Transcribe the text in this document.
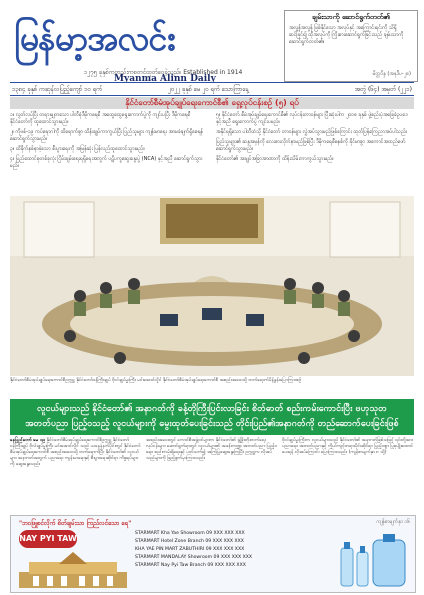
မြန်မာ့အလင်း
၁၂၇၅ ခုနှစ်ကတည်းကစတင်ထုတ်ဝေခဲ့သည်။ Established in 1914
Myanma Alinn Daily
ချမ်းသာကို ဆောင်ရွက်တတ်၏
အလွန်အလွန် ဖြစ်နိုင်သော အလုပ်နှင့် အကြောင်းရင်းကို သိရှိဆင်ခြင်၍ ထိုအလုပ်ကို ကြိုးစားဆောင်ရွက်ခြင်းသည် ချမ်းသာကို ဆောင်ရွက်တတ်၏။
မိတ္တဝိန္ဒ (အနုဒီပ-၂၈)
၁၃၈၄ ခုနှစ် ကဆုန်လပြည့်ကျော် ၁၀ ရက်	၂၀၂၂ ခုနှစ် မေ ၂၀ ရက် သောကြာနေ့	အတွဲ (၆၄) အမှတ် (၂၂၁)
နိုင်ငံတော်စီမံအုပ်ချုပ်ရေးကောင်စီ၏ ရှေ့လုပ်ငန်းစဉ် (၅) ရပ်
၁။ လွတ်လပ်ပြီး တရားမျှတသော ပါတီစုံဒီမိုကရေစီ အထွေထွေရွေးကောက်ပွဲကို ကျင်းပပြီး ဒီမိုကရေစီနိုင်ငံတော်ကို ထူထောင်သွားမည်။
၂။ ကိုဗစ်-၁၉ ကပ်ရောဂါကို ထိရောက်စွာ ထိန်းချုပ်ကာကွယ်ပြီး ပြည်သူများ ကျန်းမာရေး အာမခံချက်ရှိစေရန် ဆောင်ရွက်သွားမည်။
၃။ ထိခိုက်နစ်နာခဲ့သော စီးပွားရေးကို အမြန်ဆုံး ပြန်လည်ထူထောင်သွားမည်။
၄။ ပြည်ထောင်စုတစ်ခုလုံး ငြိမ်းချမ်းရေးရရှိရေးအတွက် ပဋိပက္ခဆွေးနွေးပွဲ (NCA) နှင့်အညီ ဆောင်ရွက်သွားမည်။
၅။ နိုင်ငံတော် စီမံအုပ်ချုပ်ရေးကောင်စီ၏ လုပ်ငန်းတာဝန်များ ပြီးဆုံးပါက ၂၀၀၈ ခုနှစ် ဖွဲ့စည်းပုံအခြေခံဥပဒေနှင့်အညီ ရွေးကောက်ပွဲ ကျင်းပမည်။
အနိုင်ရရှိသော ပါတီထံသို့ နိုင်ငံတော် တာဝန်များ လွှဲအပ်သွားမည်ဖြစ်ကြောင်း ထုတ်ပြန်ကြေညာအပ်ပါသည်။
ပြည်သူများ၏ ဆန္ဒအမှန်ကို လေးစားလိုက်နာမည်ဖြစ်ပြီး ဒီမိုကရေစီစနစ်ကို ခိုင်မာစွာ အကောင်အထည်ဖော်ဆောင်ရွက်သွားမည်။
နိုင်ငံတော်၏ အချုပ်အခြာအာဏာကို ထိန်းသိမ်းကာကွယ်သွားမည်။
နိုင်ငံတော်စီမံအုပ်ချုပ်ရေးကောင်စီဥက္ကဋ္ဌ နိုင်ငံတော်ဝန်ကြီးချုပ် ဗိုလ်ချုပ်မှူးကြီး မင်းအောင်လှိုင် နိုင်ငံတော်စီမံအုပ်ချုပ်ရေးကောင်စီ အစည်းအဝေးသို့ တက်ရောက်မိန့်ခွန်းပြောကြားစဉ်
လူငယ်များသည် နိုင်ငံတော်၏ အနာဂတ်ကို ခန့်တိုကြီးပြင်းလာခြင်း စိတ်ဓာတ် စည်းကမ်းကောင်းပြီး ဗဟုသုတ
အတတ်ပညာ ပြည့်ဝသည့် လူငယ်များကို မွေးထုတ်ပေးခြင်းသည် တိုင်းပြည်၏အနာဂတ်ကို တည်ဆောက်ပေးခြင်းဖြစ်
နေပြည်တော် မေ ၁၉ နိုင်ငံတော်စီမံအုပ်ချုပ်ရေးကောင်စီဥက္ကဋ္ဌ နိုင်ငံတော်ဝန်ကြီးချုပ် ဗိုလ်ချုပ်မှူးကြီး မင်းအောင်လှိုင် သည် ယနေ့နံနက်ပိုင်းတွင် နိုင်ငံတော်စီမံအုပ်ချုပ်ရေးကောင်စီ အစည်းအဝေးသို့ တက်ရောက်ပြီး နိုင်ငံတော်၏ လူငယ်များ အနာဂတ်အတွက် ပညာရေး ကျန်းမာရေးနှင့် စီးပွားရေးဆိုင်ရာ ကိစ္စရပ်များကို ဆွေးနွေးသည်။
အစည်းအဝေးတွင် ကောင်စီအဖွဲ့ဝင်များက နိုင်ငံတော်၏ ဖွံ့ဖြိုးတိုးတက်ရေးလုပ်ငန်းများ ဆောင်ရွက်ရာတွင် လူငယ်များ၏ အခန်းကဏ္ဍ၊ အတတ်ပညာ ပြည့်ဝရေး၊ စည်းကမ်းရှိရေးနှင့် ပတ်သက်၍ အကြံပြုဆွေးနွေးကြပြီး ဥက္ကဋ္ဌက လိုအပ်သည်များကို ဖြည့်စွက်မှာကြားသည်။
ဗိုလ်ချုပ်မှူးကြီးက လူငယ်များသည် နိုင်ငံတော်၏ အနာဂတ်ဖြစ်သဖြင့် ၎င်းတို့အား ပညာရေး၊ အတတ်ပညာနှင့် ကိုယ်ကျင့်တရားပိုင်းဆိုင်ရာ ပြည့်ဝစွာ ပြုစုပျိုးထောင်ပေးရန် လိုအပ်ကြောင်း ပြောကြားသည်။ (ကျန်စာမျက်နှာ ၈ သို့)
"ဘဝဖြူစင်လိုက် စိတ်ချမ်းသာ ကြည်လင်သော ရေ"
NAY PYI TAW
STARMART Kha Yae Showroom 09 XXX XXX XXX
STARMART Hotel Zone Branch 09 XXX XXX XXX
KHA YAE PIN MART ZABUTHIRI 09 XXX XXX XXX
STARMART MANDALAY Showroom 09 XXX XXX XXX
STARMART Nay Pyi Taw Branch 09 XXX XXX XXX
ကျန်စာမျက်နှာ ၁၆
